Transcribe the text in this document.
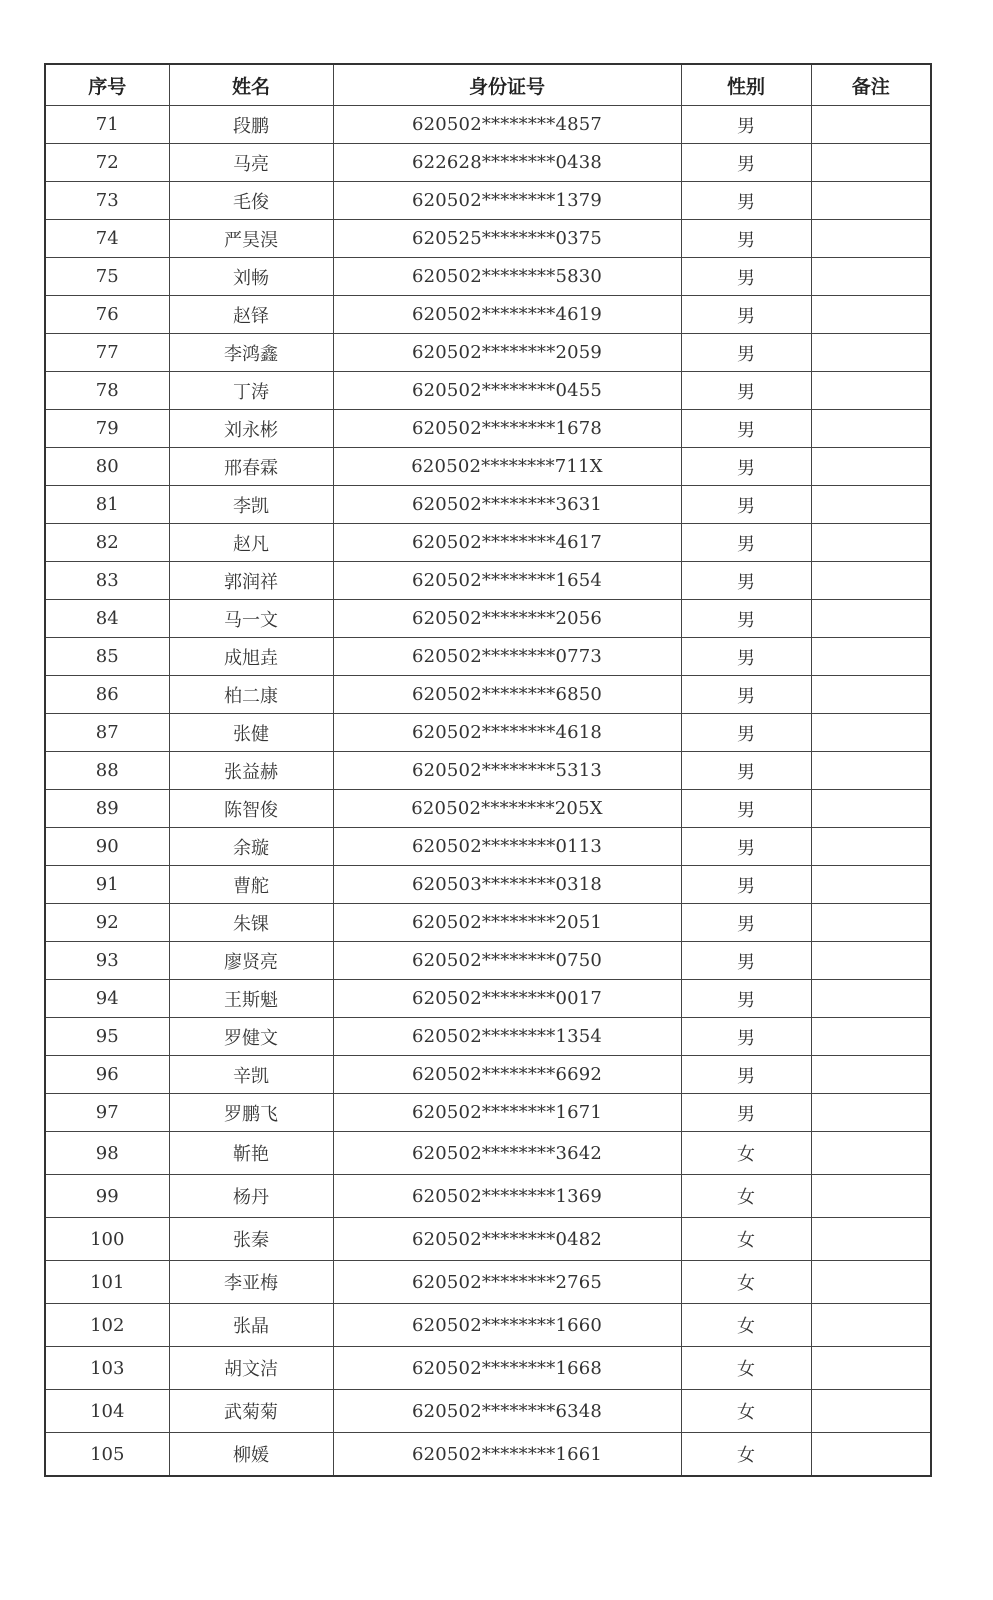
序号	姓名	身份证号	性别	备注
71	段鹏	620502********4857	男	
72	马亮	622628********0438	男	
73	毛俊	620502********1379	男	
74	严昊淏	620525********0375	男	
75	刘畅	620502********5830	男	
76	赵铎	620502********4619	男	
77	李鸿鑫	620502********2059	男	
78	丁涛	620502********0455	男	
79	刘永彬	620502********1678	男	
80	邢春霖	620502********711X	男	
81	李凯	620502********3631	男	
82	赵凡	620502********4617	男	
83	郭润祥	620502********1654	男	
84	马一文	620502********2056	男	
85	成旭垚	620502********0773	男	
86	柏二康	620502********6850	男	
87	张健	620502********4618	男	
88	张益赫	620502********5313	男	
89	陈智俊	620502********205X	男	
90	余璇	620502********0113	男	
91	曹舵	620503********0318	男	
92	朱锞	620502********2051	男	
93	廖贤亮	620502********0750	男	
94	王斯魁	620502********0017	男	
95	罗健文	620502********1354	男	
96	辛凯	620502********6692	男	
97	罗鹏飞	620502********1671	男	
98	靳艳	620502********3642	女	
99	杨丹	620502********1369	女	
100	张秦	620502********0482	女	
101	李亚梅	620502********2765	女	
102	张晶	620502********1660	女	
103	胡文洁	620502********1668	女	
104	武菊菊	620502********6348	女	
105	柳媛	620502********1661	女	
